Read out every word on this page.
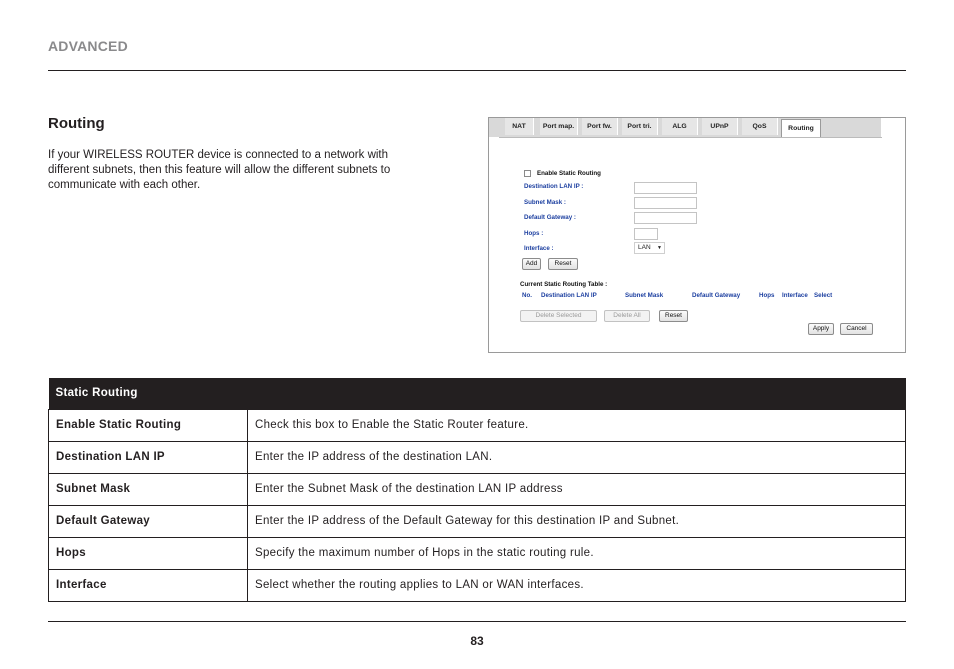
ADVANCED
Routing
If your WIRELESS ROUTER device is connected to a network with different subnets, then this feature will allow the different subnets to communicate with each other.
NAT	Port map.	Port fw.	Port tri.	ALG	UPnP	QoS	Routing
Enable Static Routing
Destination LAN IP :
Subnet Mask :
Default Gateway :
Hops :
Interface :	LAN ▼
Add	Reset
Current Static Routing Table :
No. Destination LAN IP	Subnet Mask	Default Gateway	Hops Interface Select
Delete Selected	Delete All	Reset
Apply	Cancel
Static Routing	
Enable Static Routing	Check this box to Enable the Static Router feature.
Destination LAN IP	Enter the IP address of the destination LAN.
Subnet Mask	Enter the Subnet Mask of the destination LAN IP address
Default Gateway	Enter the IP address of the Default Gateway for this destination IP and Subnet.
Hops	Specify the maximum number of Hops in the static routing rule.
Interface	Select whether the routing applies to LAN or WAN interfaces.
83
